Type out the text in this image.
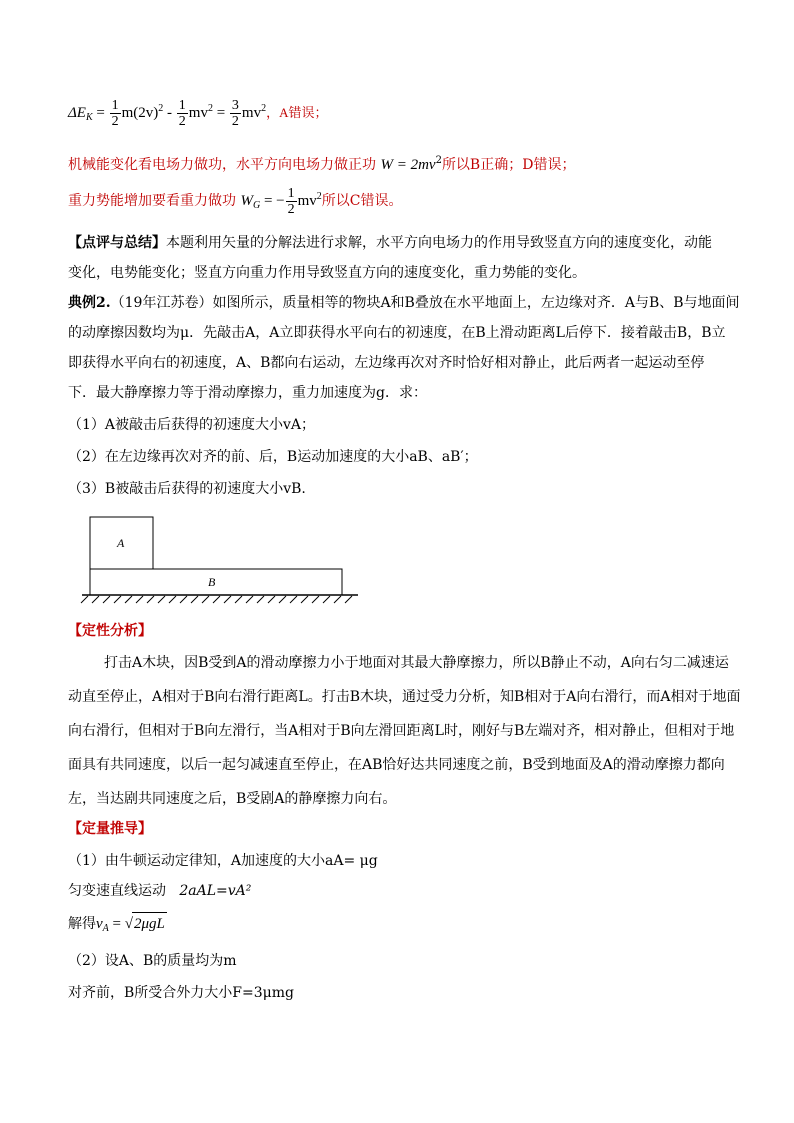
$\Delta E_K = \frac{1}{2} m(2v)^2 - \frac{1}{2} mv^2 = \frac{3}{2} mv^2$，A错误；
机械能变化看电场力做功，水平方向电场力做正功 $W = 2mv^2$所以B正确；D错误；
重力势能增加要看重力做功 $W_G$ = − $\frac{1}{2} mv^2$所以C错误。
【点评与总结】本题利用矢量的分解法进行求解，水平方向电场力的作用导致竖直方向的速度变化，动能
变化，电势能变化；竖直方向重力作用导致竖直方向的速度变化，重力势能的变化。
典例2.（19年江苏卷）如图所示，质量相等的物块A和B叠放在水平地面上，左边缘对齐．A与B、B与地面间
的动摩擦因数均为μ．先敲击A，A立即获得水平向右的初速度，在B上滑动距离L后停下．接着敲击B，B立
即获得水平向右的初速度，A、B都向右运动，左边缘再次对齐时恰好相对静止，此后两者一起运动至停
下．最大静摩擦力等于滑动摩擦力，重力加速度为g．求：
（1）A被敲击后获得的初速度大小vA；
（2）在左边缘再次对齐的前、后，B运动加速度的大小aB、aB′；
（3）B被敲击后获得的初速度大小vB.
A
B
【定性分析】
打击A木块，因B受到A的滑动摩擦力小于地面对其最大静摩擦力，所以B静止不动，A向右匀二减速运
动直至停止，A相对于B向右滑行距离L。打击B木块，通过受力分析，知B相对于A向右滑行，而A相对于地面
向右滑行，但相对于B向左滑行，当A相对于B向左滑回距离L时，刚好与B左端对齐，相对静止，但相对于地
面具有共同速度，以后一起匀减速直至停止，在AB恰好达共同速度之前，B受到地面及A的滑动摩擦力都向
左，当达剧共同速度之后，B受剧A的静摩擦力向右。
【定量推导】
（1）由牛顿运动定律知，A加速度的大小aA= μg
匀变速直线运动 2aAL=vA²
解得$v_A = √2\mu gL$
（2）设A、B的质量均为m
对齐前，B所受合外力大小F=3μmg
